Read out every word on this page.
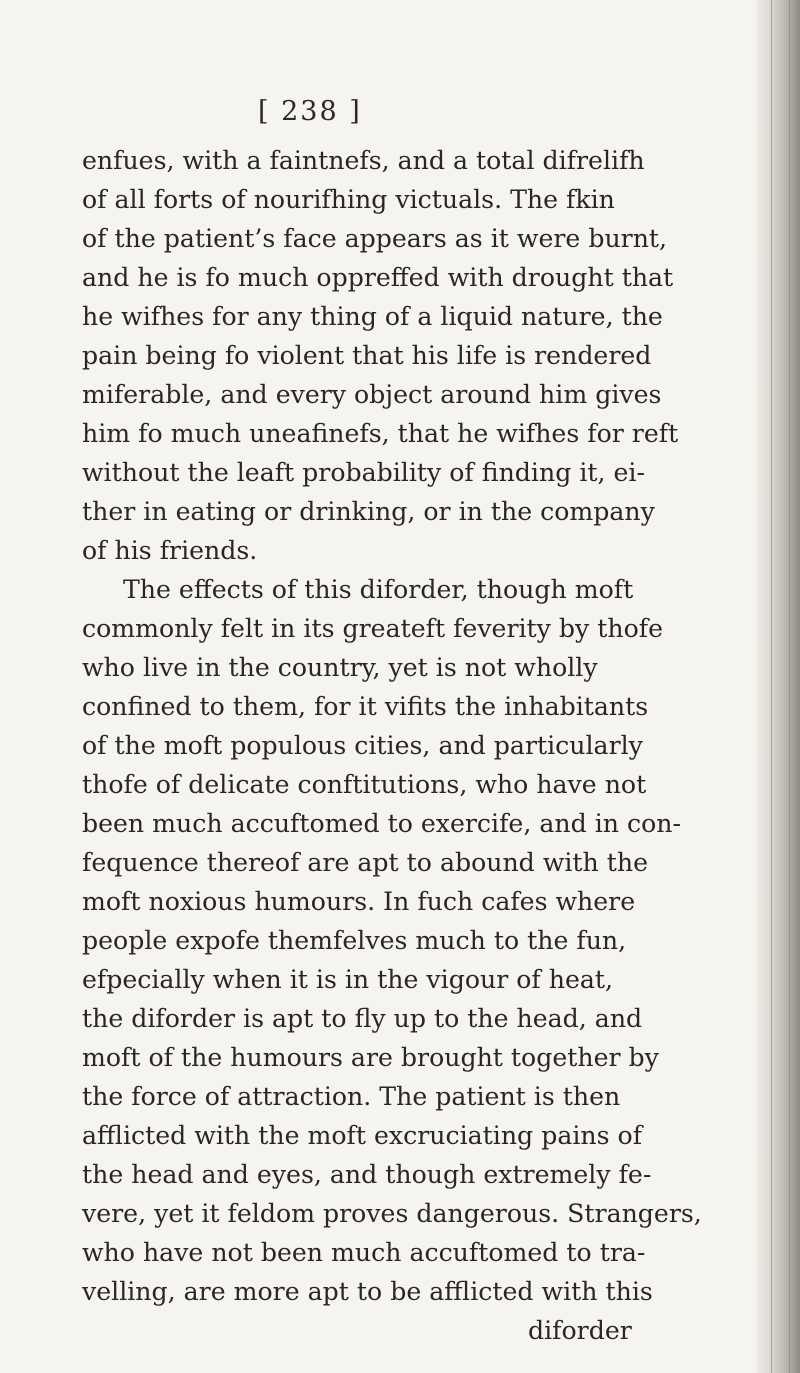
[ 238 ]
enfues, with a faintnefs, and a total difrelifh
of all forts of nourifhing victuals. The fkin
of the patient’s face appears as it were burnt,
and he is fo much oppreffed with drought that
he wifhes for any thing of a liquid nature, the
pain being fo violent that his life is rendered
miferable, and every object around him gives
him fo much uneafinefs, that he wifhes for reft
without the leaft probability of finding it, ei-
ther in eating or drinking, or in the company
of his friends.
The effects of this diforder, though moft
commonly felt in its greateft feverity by thofe
who live in the country, yet is not wholly
confined to them, for it vifits the inhabitants
of the moft populous cities, and particularly
thofe of delicate conftitutions, who have not
been much accuftomed to exercife, and in con-
fequence thereof are apt to abound with the
moft noxious humours. In fuch cafes where
people expofe themfelves much to the fun,
efpecially when it is in the vigour of heat,
the diforder is apt to fly up to the head, and
moft of the humours are brought together by
the force of attraction. The patient is then
afflicted with the moft excruciating pains of
the head and eyes, and though extremely fe-
vere, yet it feldom proves dangerous. Strangers,
who have not been much accuftomed to tra-
velling, are more apt to be afflicted with this
diforder
